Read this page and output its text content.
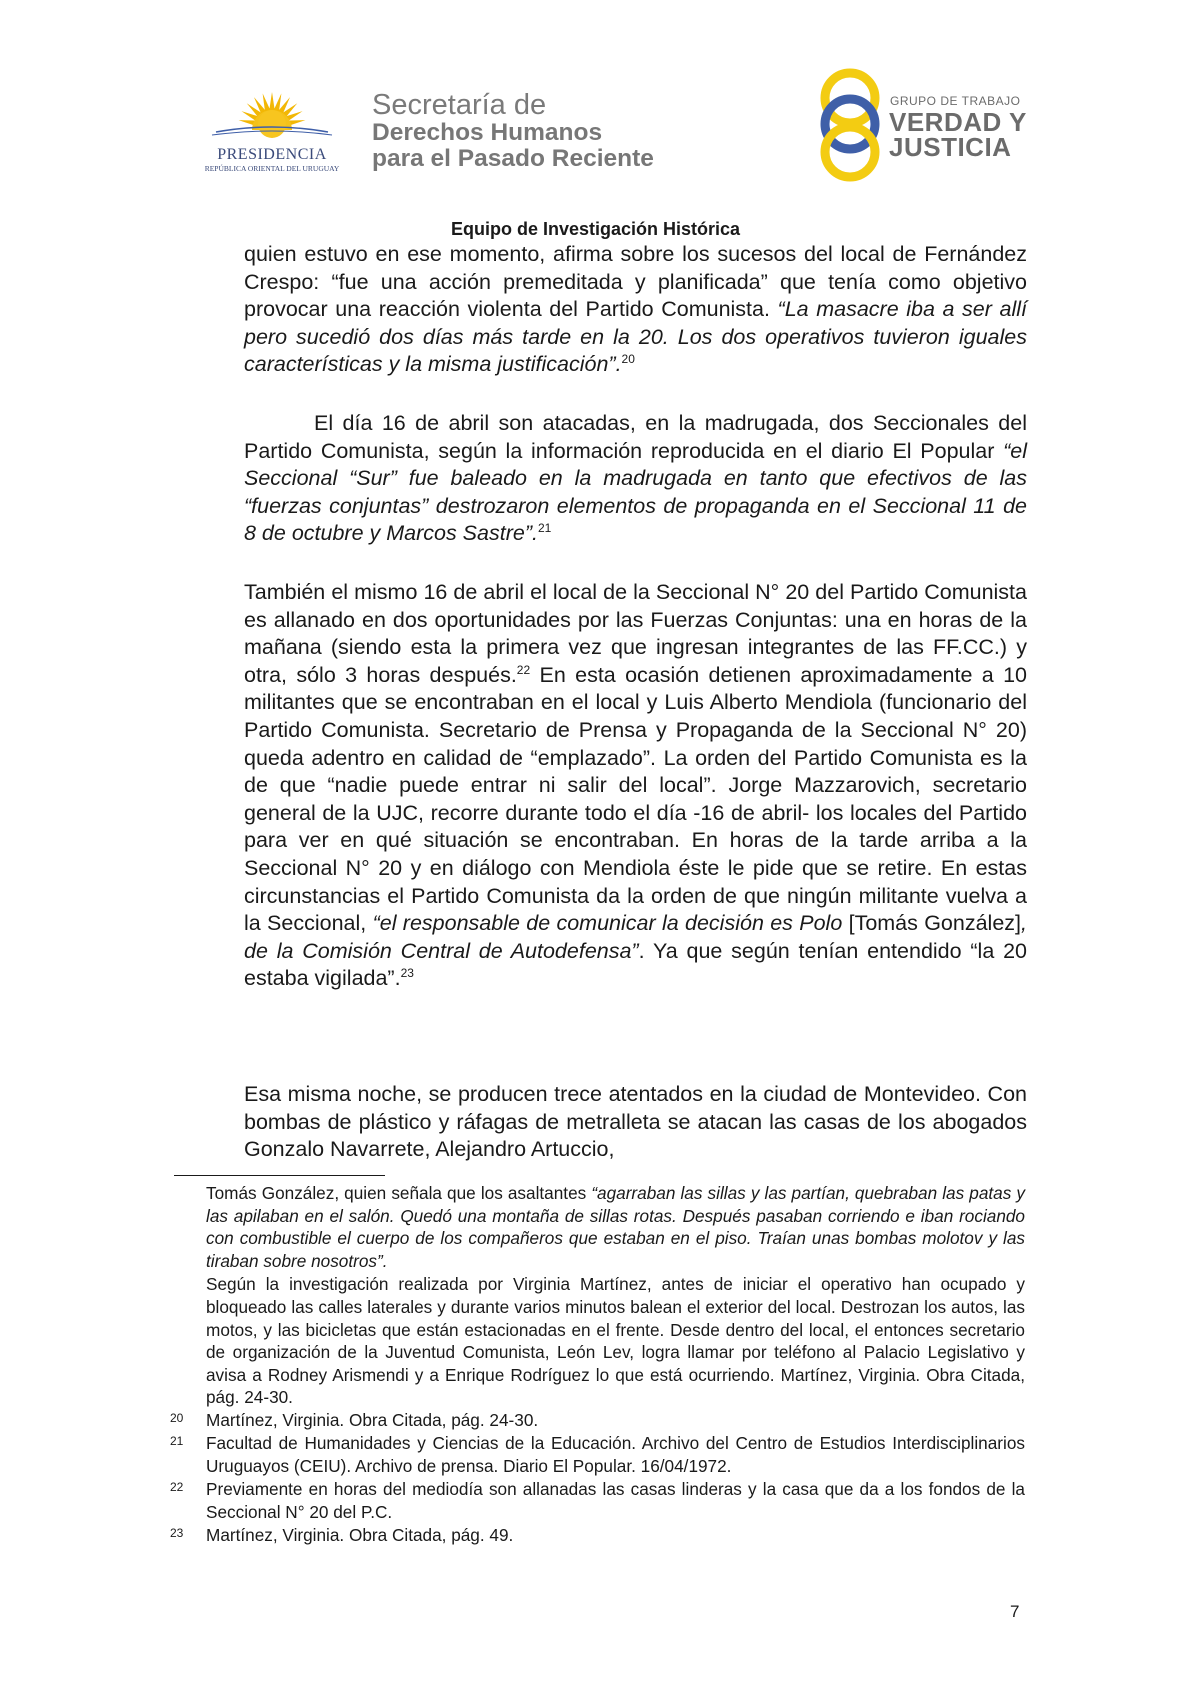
PRESIDENCIA
REPÚBLICA ORIENTAL DEL URUGUAY
Secretaría de
Derechos Humanos
para el Pasado Reciente
GRUPO DE TRABAJO
VERDAD Y
JUSTICIA
Equipo de Investigación Histórica

quien estuvo en ese momento, afirma sobre los sucesos del local de Fernández Crespo: “fue una acción premeditada y planificada” que tenía como objetivo provocar una reacción violenta del Partido Comunista. “La masacre iba a ser allí pero sucedió dos días más tarde en la 20. Los dos operativos tuvieron iguales características y la misma justificación”.$^{20}$

El día 16 de abril son atacadas, en la madrugada, dos Seccionales del Partido Comunista, según la información reproducida en el diario El Popular “el Seccional “Sur” fue baleado en la madrugada en tanto que efectivos de las “fuerzas conjuntas” destrozaron elementos de propaganda en el Seccional 11 de 8 de octubre y Marcos Sastre”.$^{21}$

También el mismo 16 de abril el local de la Seccional N° 20 del Partido Comunista es allanado en dos oportunidades por las Fuerzas Conjuntas: una en horas de la mañana (siendo esta la primera vez que ingresan integrantes de las FF.CC.) y otra, sólo 3 horas después.$^{22}$ En esta ocasión detienen aproximadamente a 10 militantes que se encontraban en el local y Luis Alberto Mendiola (funcionario del Partido Comunista. Secretario de Prensa y Propaganda de la Seccional N° 20) queda adentro en calidad de “emplazado”. La orden del Partido Comunista es la de que “nadie puede entrar ni salir del local”. Jorge Mazzarovich, secretario general de la UJC, recorre durante todo el día -16 de abril- los locales del Partido para ver en qué situación se encontraban. En horas de la tarde arriba a la Seccional N° 20 y en diálogo con Mendiola éste le pide que se retire. En estas circunstancias el Partido Comunista da la orden de que ningún militante vuelva a la Seccional, “el responsable de comunicar la decisión es Polo [Tomás González], de la Comisión Central de Autodefensa”. Ya que según tenían entendido “la 20 estaba vigilada”.$^{23}$

Esa misma noche, se producen trece atentados en la ciudad de Montevideo. Con bombas de plástico y ráfagas de metralleta se atacan las casas de los abogados Gonzalo Navarrete, Alejandro Artuccio,

Tomás González, quien señala que los asaltantes “agarraban las sillas y las partían, quebraban las patas y las apilaban en el salón. Quedó una montaña de sillas rotas. Después pasaban corriendo e iban rociando con combustible el cuerpo de los compañeros que estaban en el piso. Traían unas bombas molotov y las tiraban sobre nosotros”.

Según la investigación realizada por Virginia Martínez, antes de iniciar el operativo han ocupado y bloqueado las calles laterales y durante varios minutos balean el exterior del local. Destrozan los autos, las motos, y las bicicletas que están estacionadas en el frente. Desde dentro del local, el entonces secretario de organización de la Juventud Comunista, León Lev, logra llamar por teléfono al Palacio Legislativo y avisa a Rodney Arismendi y a Enrique Rodríguez lo que está ocurriendo. Martínez, Virginia. Obra Citada, pág. 24-30.

20 Martínez, Virginia. Obra Citada, pág. 24-30.
21 Facultad de Humanidades y Ciencias de la Educación. Archivo del Centro de Estudios Interdisciplinarios Uruguayos (CEIU). Archivo de prensa. Diario El Popular. 16/04/1972.
22 Previamente en horas del mediodía son allanadas las casas linderas y la casa que da a los fondos de la Seccional N° 20 del P.C.
23 Martínez, Virginia. Obra Citada, pág. 49.
7
